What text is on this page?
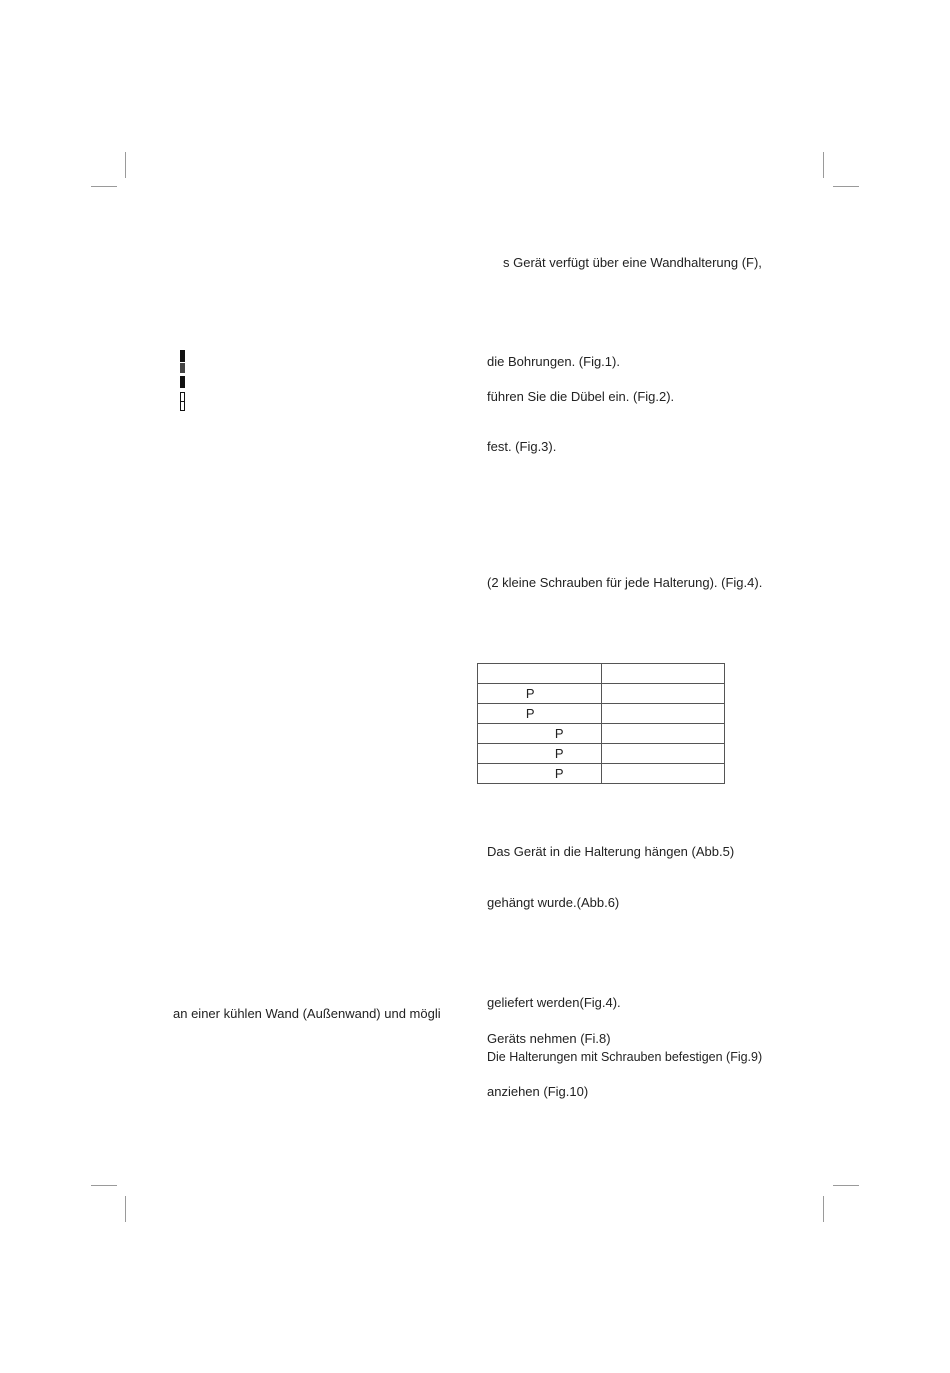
an einer kühlen Wand (Außenwand) und mögli
s Gerät verfügt über eine Wandhalterung (F),
die Bohrungen. (Fig.1).
führen Sie die Dübel ein. (Fig.2).
fest. (Fig.3).
(2 kleine Schrauben für jede Halterung). (Fig.4).

P	
P	
P	
P	
P	
Das Gerät in die Halterung hängen (Abb.5)
gehängt wurde.(Abb.6)
geliefert werden(Fig.4).
Geräts nehmen (Fi.8)
Die Halterungen mit Schrauben befestigen (Fig.9)
anziehen (Fig.10)
